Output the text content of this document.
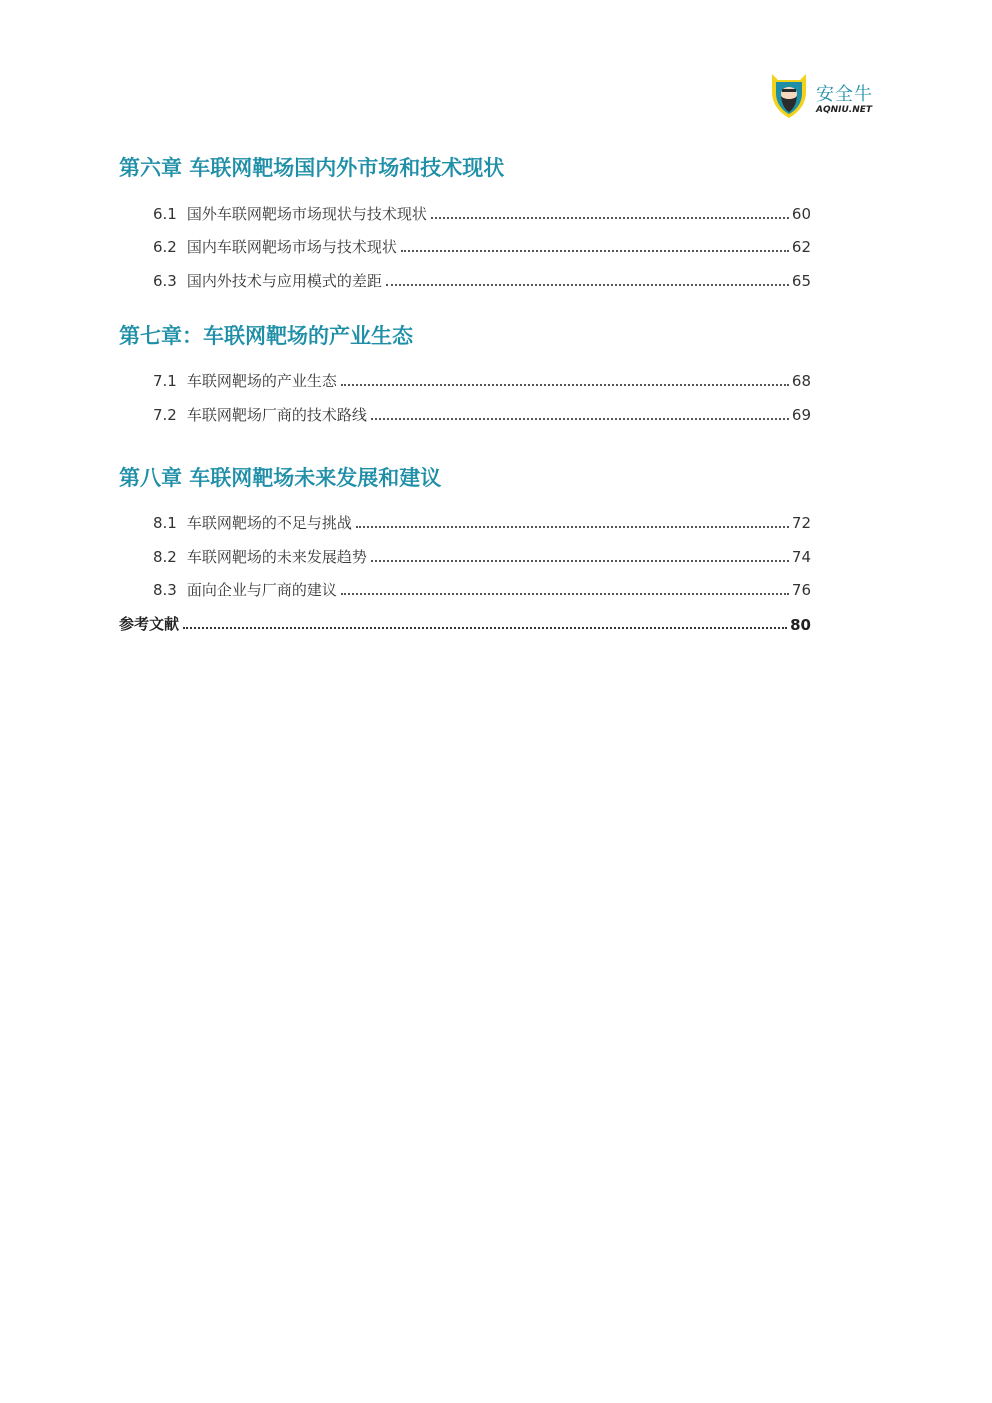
安全牛
AQNIU.NET
第六章 车联网靶场国内外市场和技术现状
6.1 国外车联网靶场市场现状与技术现状	60
6.2 国内车联网靶场市场与技术现状	62
6.3 国内外技术与应用模式的差距	65
第七章：车联网靶场的产业生态
7.1 车联网靶场的产业生态	68
7.2 车联网靶场厂商的技术路线	69
第八章 车联网靶场未来发展和建议
8.1 车联网靶场的不足与挑战	72
8.2 车联网靶场的未来发展趋势	74
8.3 面向企业与厂商的建议	76
参考文献	80
